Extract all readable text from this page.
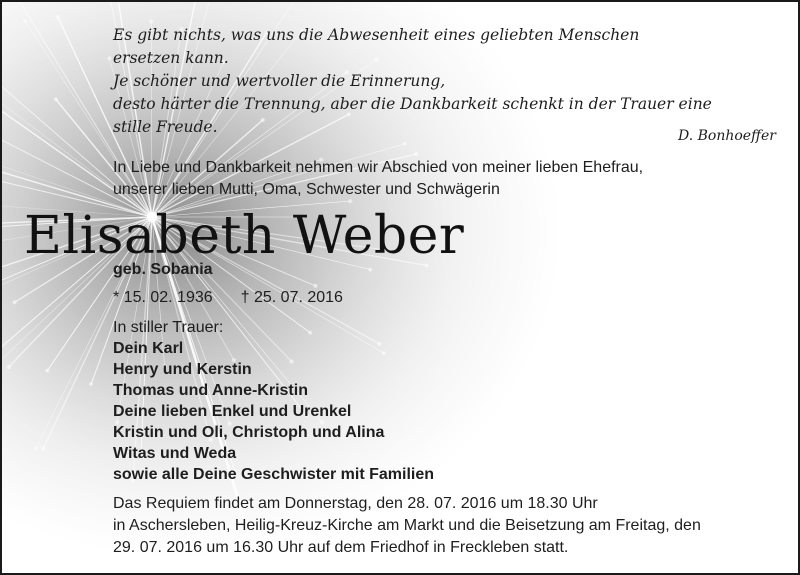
Es gibt nichts, was uns die Abwesenheit eines geliebten Menschen
ersetzen kann.
Je schöner und wertvoller die Erinnerung,
desto härter die Trennung, aber die Dankbarkeit schenkt in der Trauer eine
stille Freude.	D. Bonhoeffer
In Liebe und Dankbarkeit nehmen wir Abschied von meiner lieben Ehefrau,
unserer lieben Mutti, Oma, Schwester und Schwägerin
Elisabeth Weber
geb. Sobania
* 15. 02. 1936 † 25. 07. 2016
In stiller Trauer:
Dein Karl
Henry und Kerstin
Thomas und Anne-Kristin
Deine lieben Enkel und Urenkel
Kristin und Oli, Christoph und Alina
Witas und Weda
sowie alle Deine Geschwister mit Familien
Das Requiem findet am Donnerstag, den 28. 07. 2016 um 18.30 Uhr
in Aschersleben, Heilig-Kreuz-Kirche am Markt und die Beisetzung am Freitag, den
29. 07. 2016 um 16.30 Uhr auf dem Friedhof in Freckleben statt.
